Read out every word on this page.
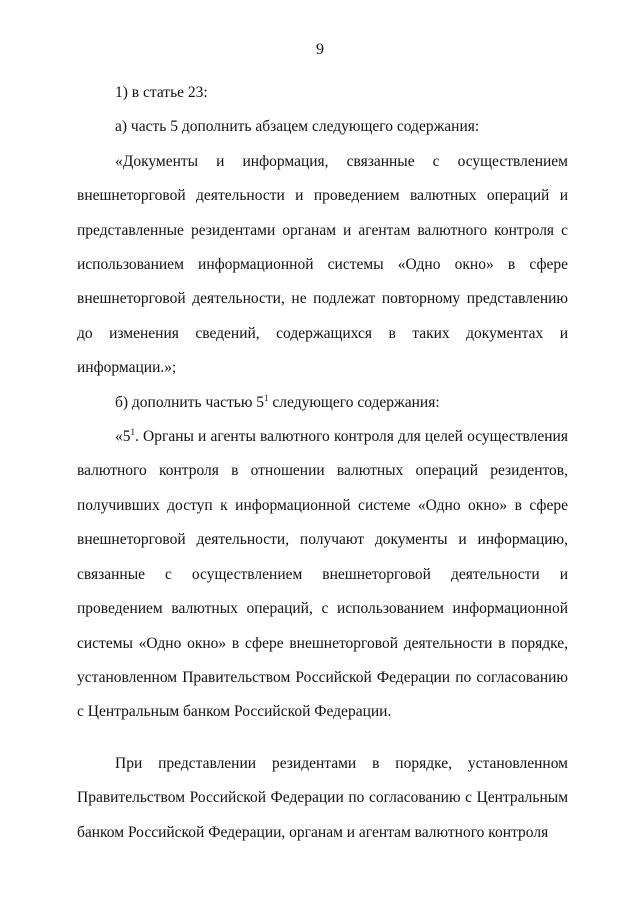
9

1) в статье 23:

а) часть 5 дополнить абзацем следующего содержания:

«Документы и информация, связанные с осуществлением внешнеторговой деятельности и проведением валютных операций и представленные резидентами органам и агентам валютного контроля с использованием информационной системы «Одно окно» в сфере внешнеторговой деятельности, не подлежат повторному представлению до изменения сведений, содержащихся в таких документах и информации.»;

б) дополнить частью $5^1$ следующего содержания:

«$5^1$. Органы и агенты валютного контроля для целей осуществления валютного контроля в отношении валютных операций резидентов, получивших доступ к информационной системе «Одно окно» в сфере внешнеторговой деятельности, получают документы и информацию, связанные с осуществлением внешнеторговой деятельности и проведением валютных операций, с использованием информационной системы «Одно окно» в сфере внешнеторговой деятельности в порядке, установленном Правительством Российской Федерации по согласованию с Центральным банком Российской Федерации.

При представлении резидентами в порядке, установленном Правительством Российской Федерации по согласованию с Центральным банком Российской Федерации, органам и агентам валютного контроля
